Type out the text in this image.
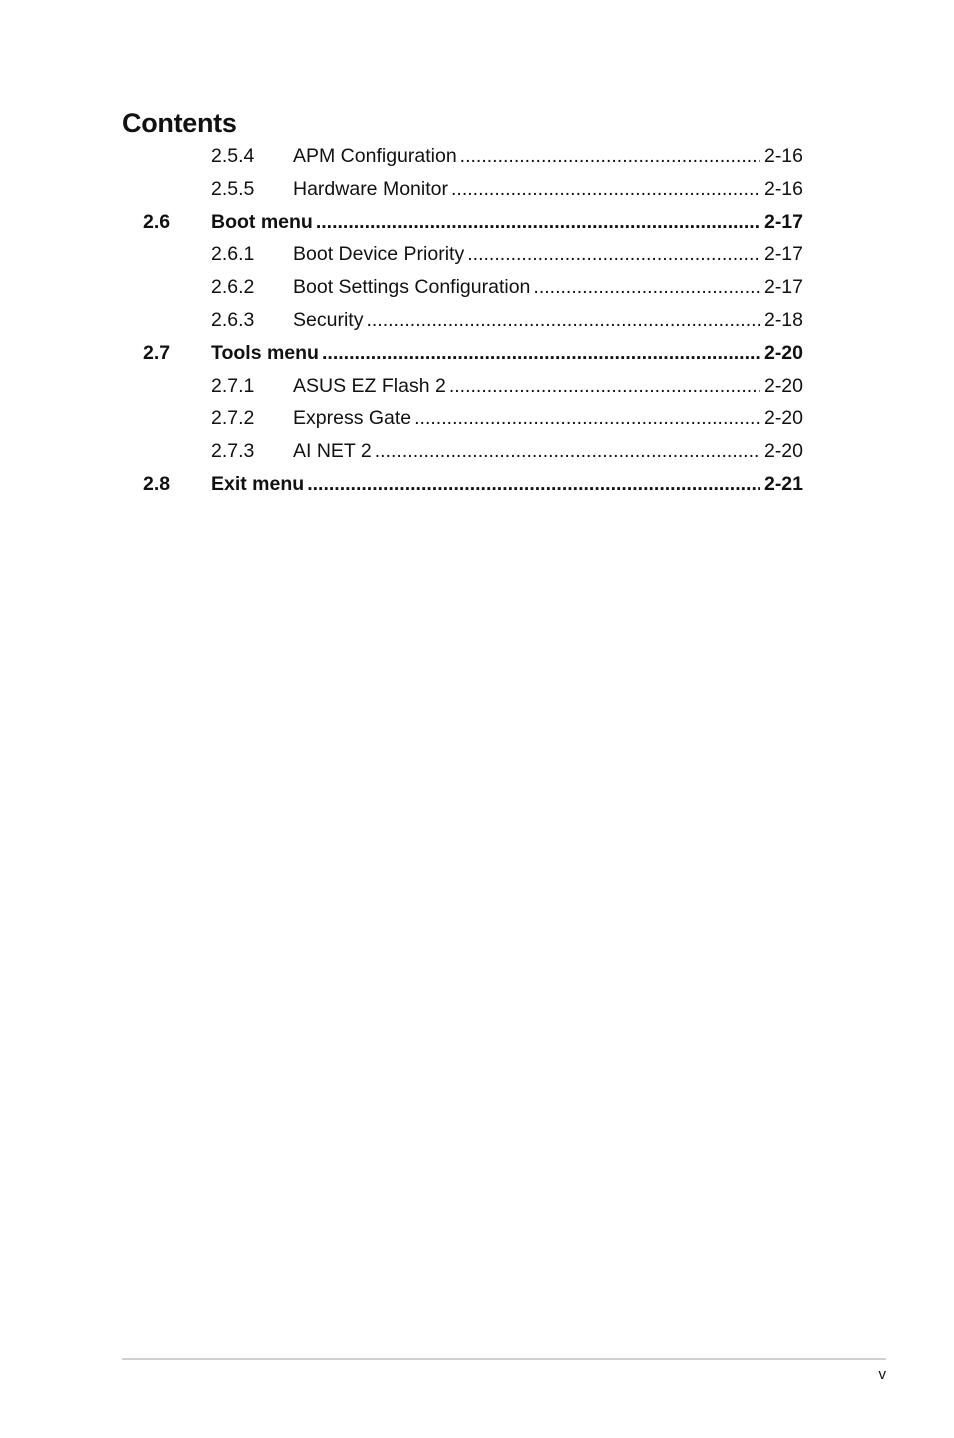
Contents
2.5.4 APM Configuration .....	2-16
2.5.5 Hardware Monitor .....	2-16
2.6 Boot menu .....	2-17
2.6.1 Boot Device Priority .....	2-17
2.6.2 Boot Settings Configuration .....	2-17
2.6.3 Security .....	2-18
2.7 Tools menu .....	2-20
2.7.1 ASUS EZ Flash 2 .....	2-20
2.7.2 Express Gate .....	2-20
2.7.3 AI NET 2 .....	2-20
2.8 Exit menu .....	2-21
v
